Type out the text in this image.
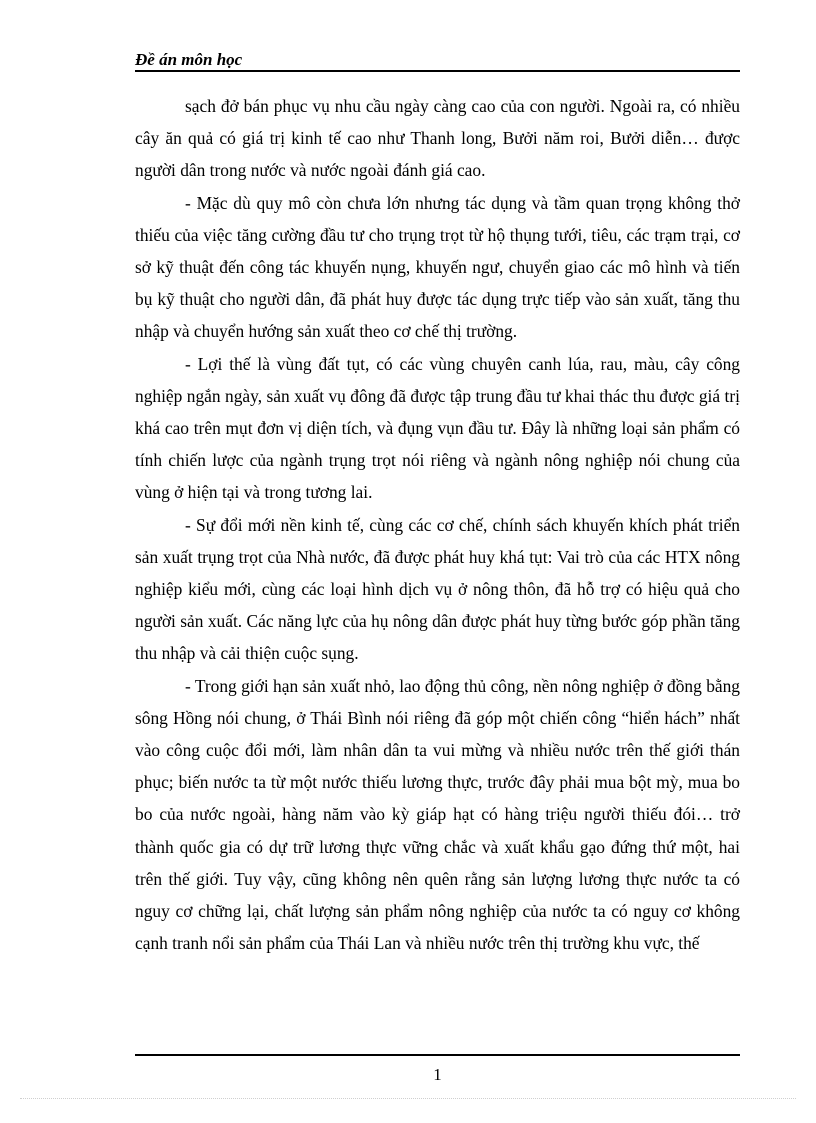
Đề án môn học

sạch đở bán phục vụ nhu cầu ngày càng cao của con người. Ngoài ra, có nhiều cây ăn quả có giá trị kinh tế cao như Thanh long, Bưởi năm roi, Bưởi diễn… được người dân trong nước và nước ngoài đánh giá cao.

- Mặc dù quy mô còn chưa lớn nhưng tác dụng và tầm quan trọng không thở thiếu của việc tăng cường đầu tư cho trụng trọt từ hộ thụng tưới, tiêu, các trạm trại, cơ sở kỹ thuật đến công tác khuyến nụng, khuyến ngư, chuyển giao các mô hình và tiến bụ kỹ thuật cho người dân, đã phát huy được tác dụng trực tiếp vào sản xuất, tăng thu nhập và chuyển hướng sản xuất theo cơ chế thị trường.

- Lợi thế là vùng đất tụt, có các vùng chuyên canh lúa, rau, màu, cây công nghiệp ngắn ngày, sản xuất vụ đông đã được tập trung đầu tư khai thác thu được giá trị khá cao trên mụt đơn vị diện tích, và đụng vụn đầu tư. Đây là những loại sản phẩm có tính chiến lược của ngành trụng trọt nói riêng và ngành nông nghiệp nói chung của vùng ở hiện tại và trong tương lai.

- Sự đổi mới nền kinh tế, cùng các cơ chế, chính sách khuyến khích phát triển sản xuất trụng trọt của Nhà nước, đã được phát huy khá tụt: Vai trò của các HTX nông nghiệp kiểu mới, cùng các loại hình dịch vụ ở nông thôn, đã hỗ trợ có hiệu quả cho người sản xuất. Các năng lực của hụ nông dân được phát huy từng bước góp phần tăng thu nhập và cải thiện cuộc sụng.

- Trong giới hạn sản xuất nhỏ, lao động thủ công, nền nông nghiệp ở đồng bằng sông Hồng nói chung, ở Thái Bình nói riêng đã góp một chiến công “hiển hách” nhất vào công cuộc đổi mới, làm nhân dân ta vui mừng và nhiều nước trên thế giới thán phục; biến nước ta từ một nước thiếu lương thực, trước đây phải mua bột mỳ, mua bo bo của nước ngoài, hàng năm vào kỳ giáp hạt có hàng triệu người thiếu đói… trở thành quốc gia có dự trữ lương thực vững chắc và xuất khẩu gạo đứng thứ một, hai trên thế giới. Tuy vậy, cũng không nên quên rằng sản lượng lương thực nước ta có nguy cơ chững lại, chất lượng sản phẩm nông nghiệp của nước ta có nguy cơ không cạnh tranh nổi sản phẩm của Thái Lan và nhiều nước trên thị trường khu vực, thế

1
